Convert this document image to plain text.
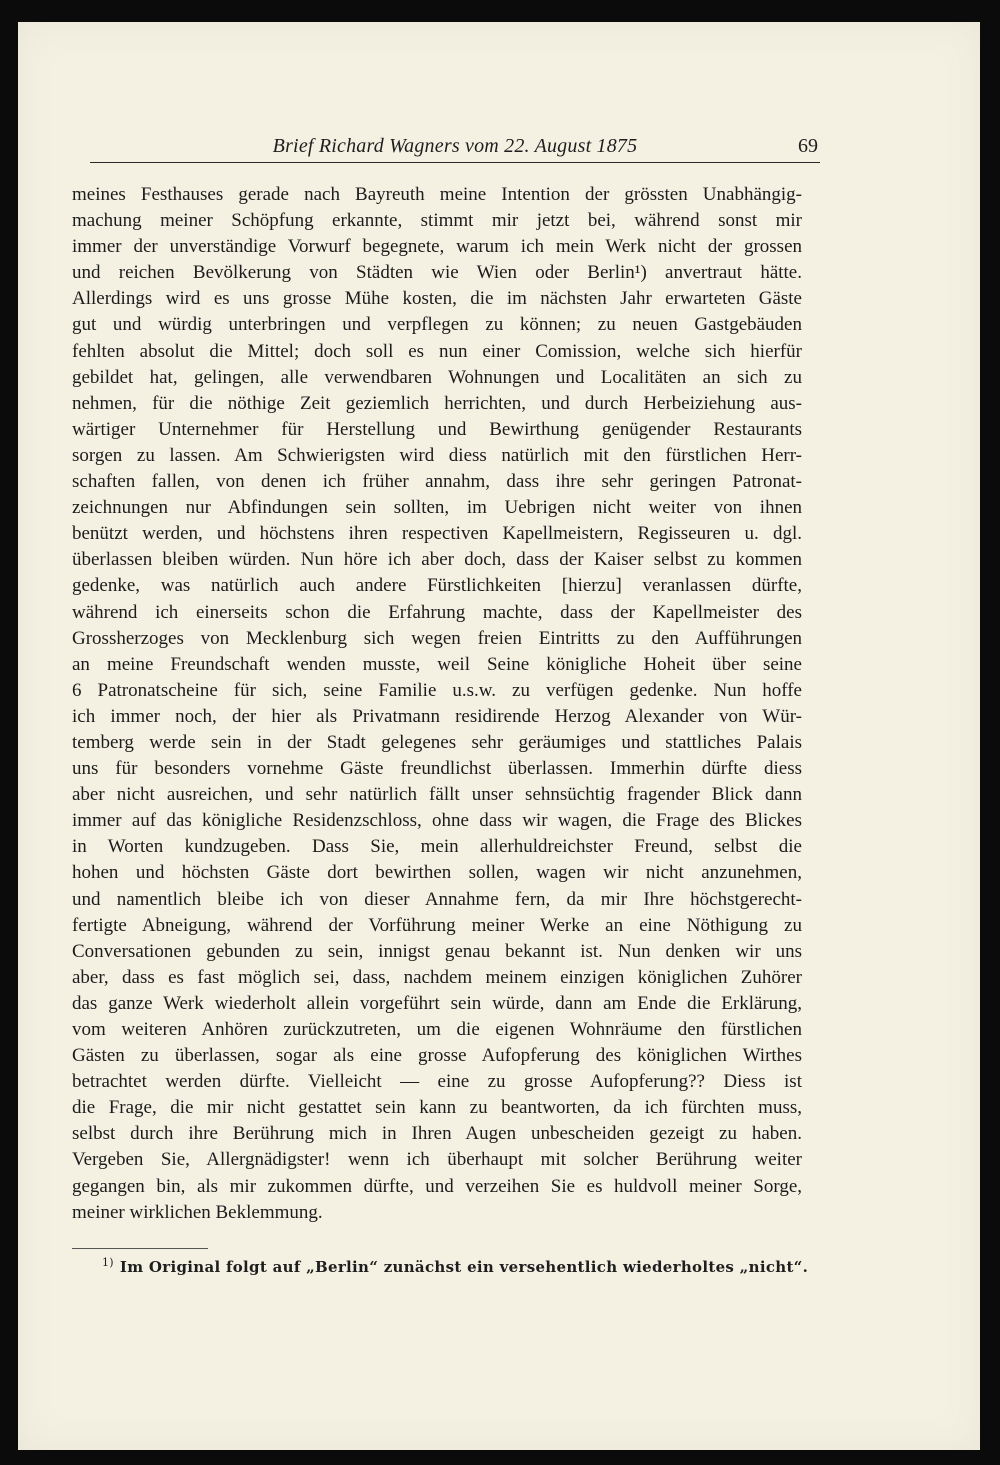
Brief Richard Wagners vom 22. August 1875	69
meines Festhauses gerade nach Bayreuth meine Intention der grössten Unabhängig-
machung meiner Schöpfung erkannte, stimmt mir jetzt bei, während sonst mir
immer der unverständige Vorwurf begegnete, warum ich mein Werk nicht der grossen
und reichen Bevölkerung von Städten wie Wien oder Berlin¹) anvertraut hätte.
Allerdings wird es uns grosse Mühe kosten, die im nächsten Jahr erwarteten Gäste
gut und würdig unterbringen und verpflegen zu können; zu neuen Gastgebäuden
fehlten absolut die Mittel; doch soll es nun einer Comission, welche sich hierfür
gebildet hat, gelingen, alle verwendbaren Wohnungen und Localitäten an sich zu
nehmen, für die nöthige Zeit geziemlich herrichten, und durch Herbeiziehung aus-
wärtiger Unternehmer für Herstellung und Bewirthung genügender Restaurants
sorgen zu lassen. Am Schwierigsten wird diess natürlich mit den fürstlichen Herr-
schaften fallen, von denen ich früher annahm, dass ihre sehr geringen Patronat-
zeichnungen nur Abfindungen sein sollten, im Uebrigen nicht weiter von ihnen
benützt werden, und höchstens ihren respectiven Kapellmeistern, Regisseuren u. dgl.
überlassen bleiben würden. Nun höre ich aber doch, dass der Kaiser selbst zu kommen
gedenke, was natürlich auch andere Fürstlichkeiten [hierzu] veranlassen dürfte,
während ich einerseits schon die Erfahrung machte, dass der Kapellmeister des
Grossherzoges von Mecklenburg sich wegen freien Eintritts zu den Aufführungen
an meine Freundschaft wenden musste, weil Seine königliche Hoheit über seine
6 Patronatscheine für sich, seine Familie u.s.w. zu verfügen gedenke. Nun hoffe
ich immer noch, der hier als Privatmann residirende Herzog Alexander von Wür-
temberg werde sein in der Stadt gelegenes sehr geräumiges und stattliches Palais
uns für besonders vornehme Gäste freundlichst überlassen. Immerhin dürfte diess
aber nicht ausreichen, und sehr natürlich fällt unser sehnsüchtig fragender Blick dann
immer auf das königliche Residenzschloss, ohne dass wir wagen, die Frage des Blickes
in Worten kundzugeben. Dass Sie, mein allerhuldreichster Freund, selbst die
hohen und höchsten Gäste dort bewirthen sollen, wagen wir nicht anzunehmen,
und namentlich bleibe ich von dieser Annahme fern, da mir Ihre höchstgerecht-
fertigte Abneigung, während der Vorführung meiner Werke an eine Nöthigung zu
Conversationen gebunden zu sein, innigst genau bekannt ist. Nun denken wir uns
aber, dass es fast möglich sei, dass, nachdem meinem einzigen königlichen Zuhörer
das ganze Werk wiederholt allein vorgeführt sein würde, dann am Ende die Erklärung,
vom weiteren Anhören zurückzutreten, um die eigenen Wohnräume den fürstlichen
Gästen zu überlassen, sogar als eine grosse Aufopferung des königlichen Wirthes
betrachtet werden dürfte. Vielleicht — eine zu grosse Aufopferung?? Diess ist
die Frage, die mir nicht gestattet sein kann zu beantworten, da ich fürchten muss,
selbst durch ihre Berührung mich in Ihren Augen unbescheiden gezeigt zu haben.
Vergeben Sie, Allergnädigster! wenn ich überhaupt mit solcher Berührung weiter
gegangen bin, als mir zukommen dürfte, und verzeihen Sie es huldvoll meiner Sorge,
meiner wirklichen Beklemmung.
$^{1)}$ Im Original folgt auf „Berlin“ zunächst ein versehentlich wiederholtes „nicht“.
